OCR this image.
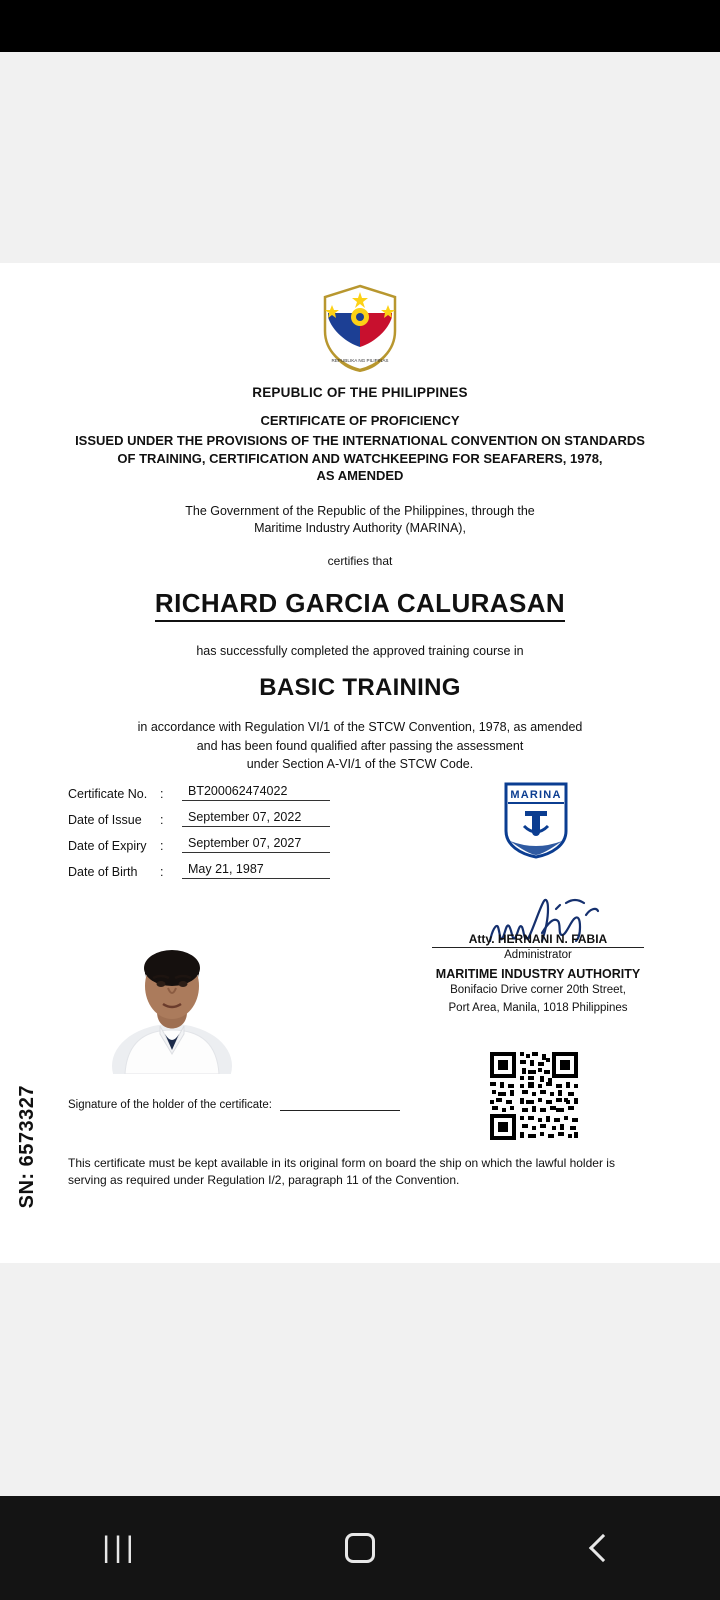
REPUBLIKA NG PILIPINAS
REPUBLIC OF THE PHILIPPINES
CERTIFICATE OF PROFICIENCY
ISSUED UNDER THE PROVISIONS OF THE INTERNATIONAL CONVENTION ON STANDARDS
OF TRAINING, CERTIFICATION AND WATCHKEEPING FOR SEAFARERS, 1978,
AS AMENDED
The Government of the Republic of the Philippines, through the
Maritime Industry Authority (MARINA),
certifies that
RICHARD GARCIA CALURASAN
has successfully completed the approved training course in
BASIC TRAINING
in accordance with Regulation VI/1 of the STCW Convention, 1978, as amended
and has been found qualified after passing the assessment
under Section A-VI/1 of the STCW Code.
Certificate No.	:	BT200062474022
Date of Issue	:	September 07, 2022
Date of Expiry	:	September 07, 2027
Date of Birth	:	May 21, 1987
MARINA
Atty. HERNANI N. FABIA
Administrator
MARITIME INDUSTRY AUTHORITY
Bonifacio Drive corner 20th Street,
Port Area, Manila, 1018 Philippines
Signature of the holder of the certificate:
This certificate must be kept available in its original form on board the ship on which the lawful holder is serving as required under Regulation I/2, paragraph 11 of the Convention.
SN: 6573327
|||
